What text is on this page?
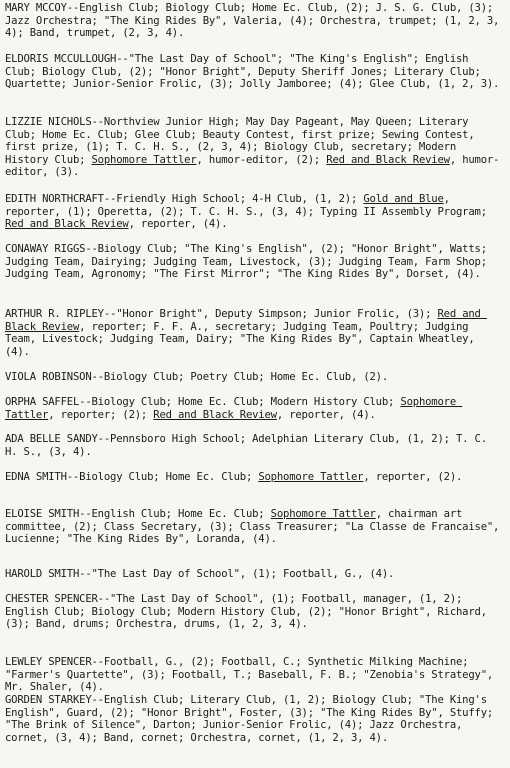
MARY MCCOY--English Club; Biology Club; Home Ec. Club, (2); J. S. G. Club, (3); Jazz Orchestra; "The King Rides By", Valeria, (4); Orchestra, trumpet; (1, 2, 3, 4); Band, trumpet, (2, 3, 4).
ELDORIS MCCULLOUGH--"The Last Day of School"; "The King's English"; English Club; Biology Club, (2); "Honor Bright", Deputy Sheriff Jones; Literary Club; Quartette; Junior-Senior Frolic, (3); Jolly Jamboree; (4); Glee Club, (1, 2, 3).
LIZZIE NICHOLS--Northview Junior High; May Day Pageant, May Queen; Literary Club; Home Ec. Club; Glee Club; Beauty Contest, first prize; Sewing Contest, first prize, (1); T. C. H. S., (2, 3, 4); Biology Club, secretary; Modern History Club; Sophomore Tattler, humor-editor, (2); Red and Black Review, humor-editor, (3).
EDITH NORTHCRAFT--Friendly High School; 4-H Club, (1, 2); Gold and Blue, reporter, (1); Operetta, (2); T. C. H. S., (3, 4); Typing II Assembly Program; Red and Black Review, reporter, (4).
CONAWAY RIGGS--Biology Club; "The King's English", (2); "Honor Bright", Watts; Judging Team, Dairying; Judging Team, Livestock, (3); Judging Team, Farm Shop; Judging Team, Agronomy; "The First Mirror"; "The King Rides By", Dorset, (4).
ARTHUR R. RIPLEY--"Honor Bright", Deputy Simpson; Junior Frolic, (3); Red and Black Review, reporter; F. F. A., secretary; Judging Team, Poultry; Judging Team, Livestock; Judging Team, Dairy; "The King Rides By", Captain Wheatley, (4).
VIOLA ROBINSON--Biology Club; Poetry Club; Home Ec. Club, (2).
ORPHA SAFFEL--Biology Club; Home Ec. Club; Modern History Club; Sophomore Tattler, reporter; (2); Red and Black Review, reporter, (4).
ADA BELLE SANDY--Pennsboro High School; Adelphian Literary Club, (1, 2); T. C. H. S., (3, 4).
EDNA SMITH--Biology Club; Home Ec. Club; Sophomore Tattler, reporter, (2).
ELOISE SMITH--English Club; Home Ec. Club; Sophomore Tattler, chairman art committee, (2); Class Secretary, (3); Class Treasurer; "La Classe de Francaise", Lucienne; "The King Rides By", Loranda, (4).
HAROLD SMITH--"The Last Day of School", (1); Football, G., (4).
CHESTER SPENCER--"The Last Day of School", (1); Football, manager, (1, 2); English Club; Biology Club; Modern History Club, (2); "Honor Bright", Richard, (3); Band, drums; Orchestra, drums, (1, 2, 3, 4).
LEWLEY SPENCER--Football, G., (2); Football, C.; Synthetic Milking Machine; "Farmer's Quartette", (3); Football, T.; Baseball, F. B.; "Zenobia's Strategy", Mr. Shaler, (4).
GORDEN STARKEY--English Club; Literary Club, (1, 2); Biology Club; "The King's English", Guard, (2); "Honor Bright", Foster, (3); "The King Rides By", Stuffy; "The Brink of Silence", Darton; Junior-Senior Frolic, (4); Jazz Orchestra, cornet, (3, 4); Band, cornet; Orchestra, cornet, (1, 2, 3, 4).
